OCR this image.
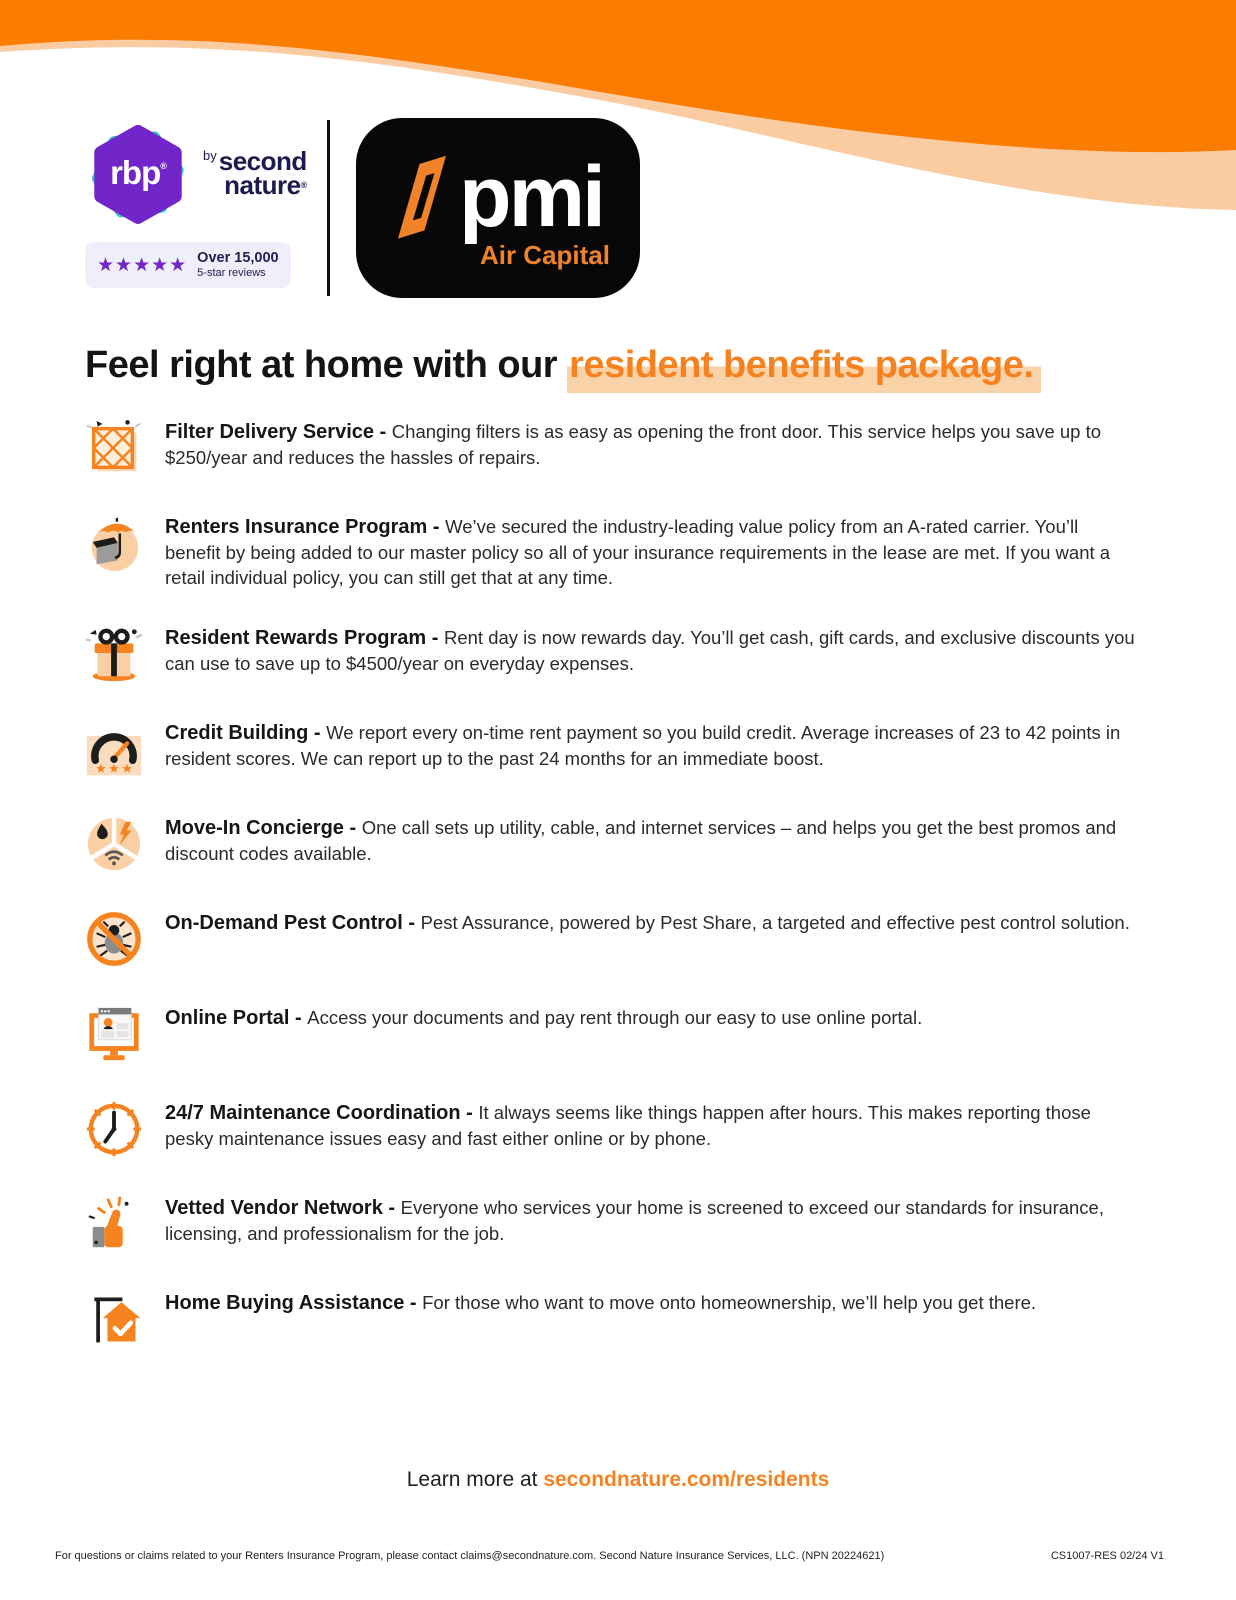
rbp®
$^{by}$second
nature®
★★★★★ Over 15,000
5-star reviews
pmi
Air Capital
Feel right at home with our resident benefits package.

Filter Delivery Service - Changing filters is as easy as opening the front door. This service helps you save up to $250/year and reduces the hassles of repairs.

Renters Insurance Program - We’ve secured the industry-leading value policy from an A-rated carrier. You’ll benefit by being added to our master policy so all of your insurance requirements in the lease are met. If you want a retail individual policy, you can still get that at any time.

Resident Rewards Program - Rent day is now rewards day. You’ll get cash, gift cards, and exclusive discounts you can use to save up to $4500/year on everyday expenses.

Credit Building - We report every on-time rent payment so you build credit. Average increases of 23 to 42 points in resident scores. We can report up to the past 24 months for an immediate boost.

Move-In Concierge - One call sets up utility, cable, and internet services – and helps you get the best promos and discount codes available.

On-Demand Pest Control - Pest Assurance, powered by Pest Share, a targeted and effective pest control solution.

Online Portal - Access your documents and pay rent through our easy to use online portal.

24/7 Maintenance Coordination - It always seems like things happen after hours. This makes reporting those pesky maintenance issues easy and fast either online or by phone.

Vetted Vendor Network - Everyone who services your home is screened to exceed our standards for insurance, licensing, and professionalism for the job.

Home Buying Assistance - For those who want to move onto homeownership, we’ll help you get there.

Learn more at secondnature.com/residents
For questions or claims related to your Renters Insurance Program, please contact claims@secondnature.com. Second Nature Insurance Services, LLC. (NPN 20224621)	CS1007-RES 02/24 V1
